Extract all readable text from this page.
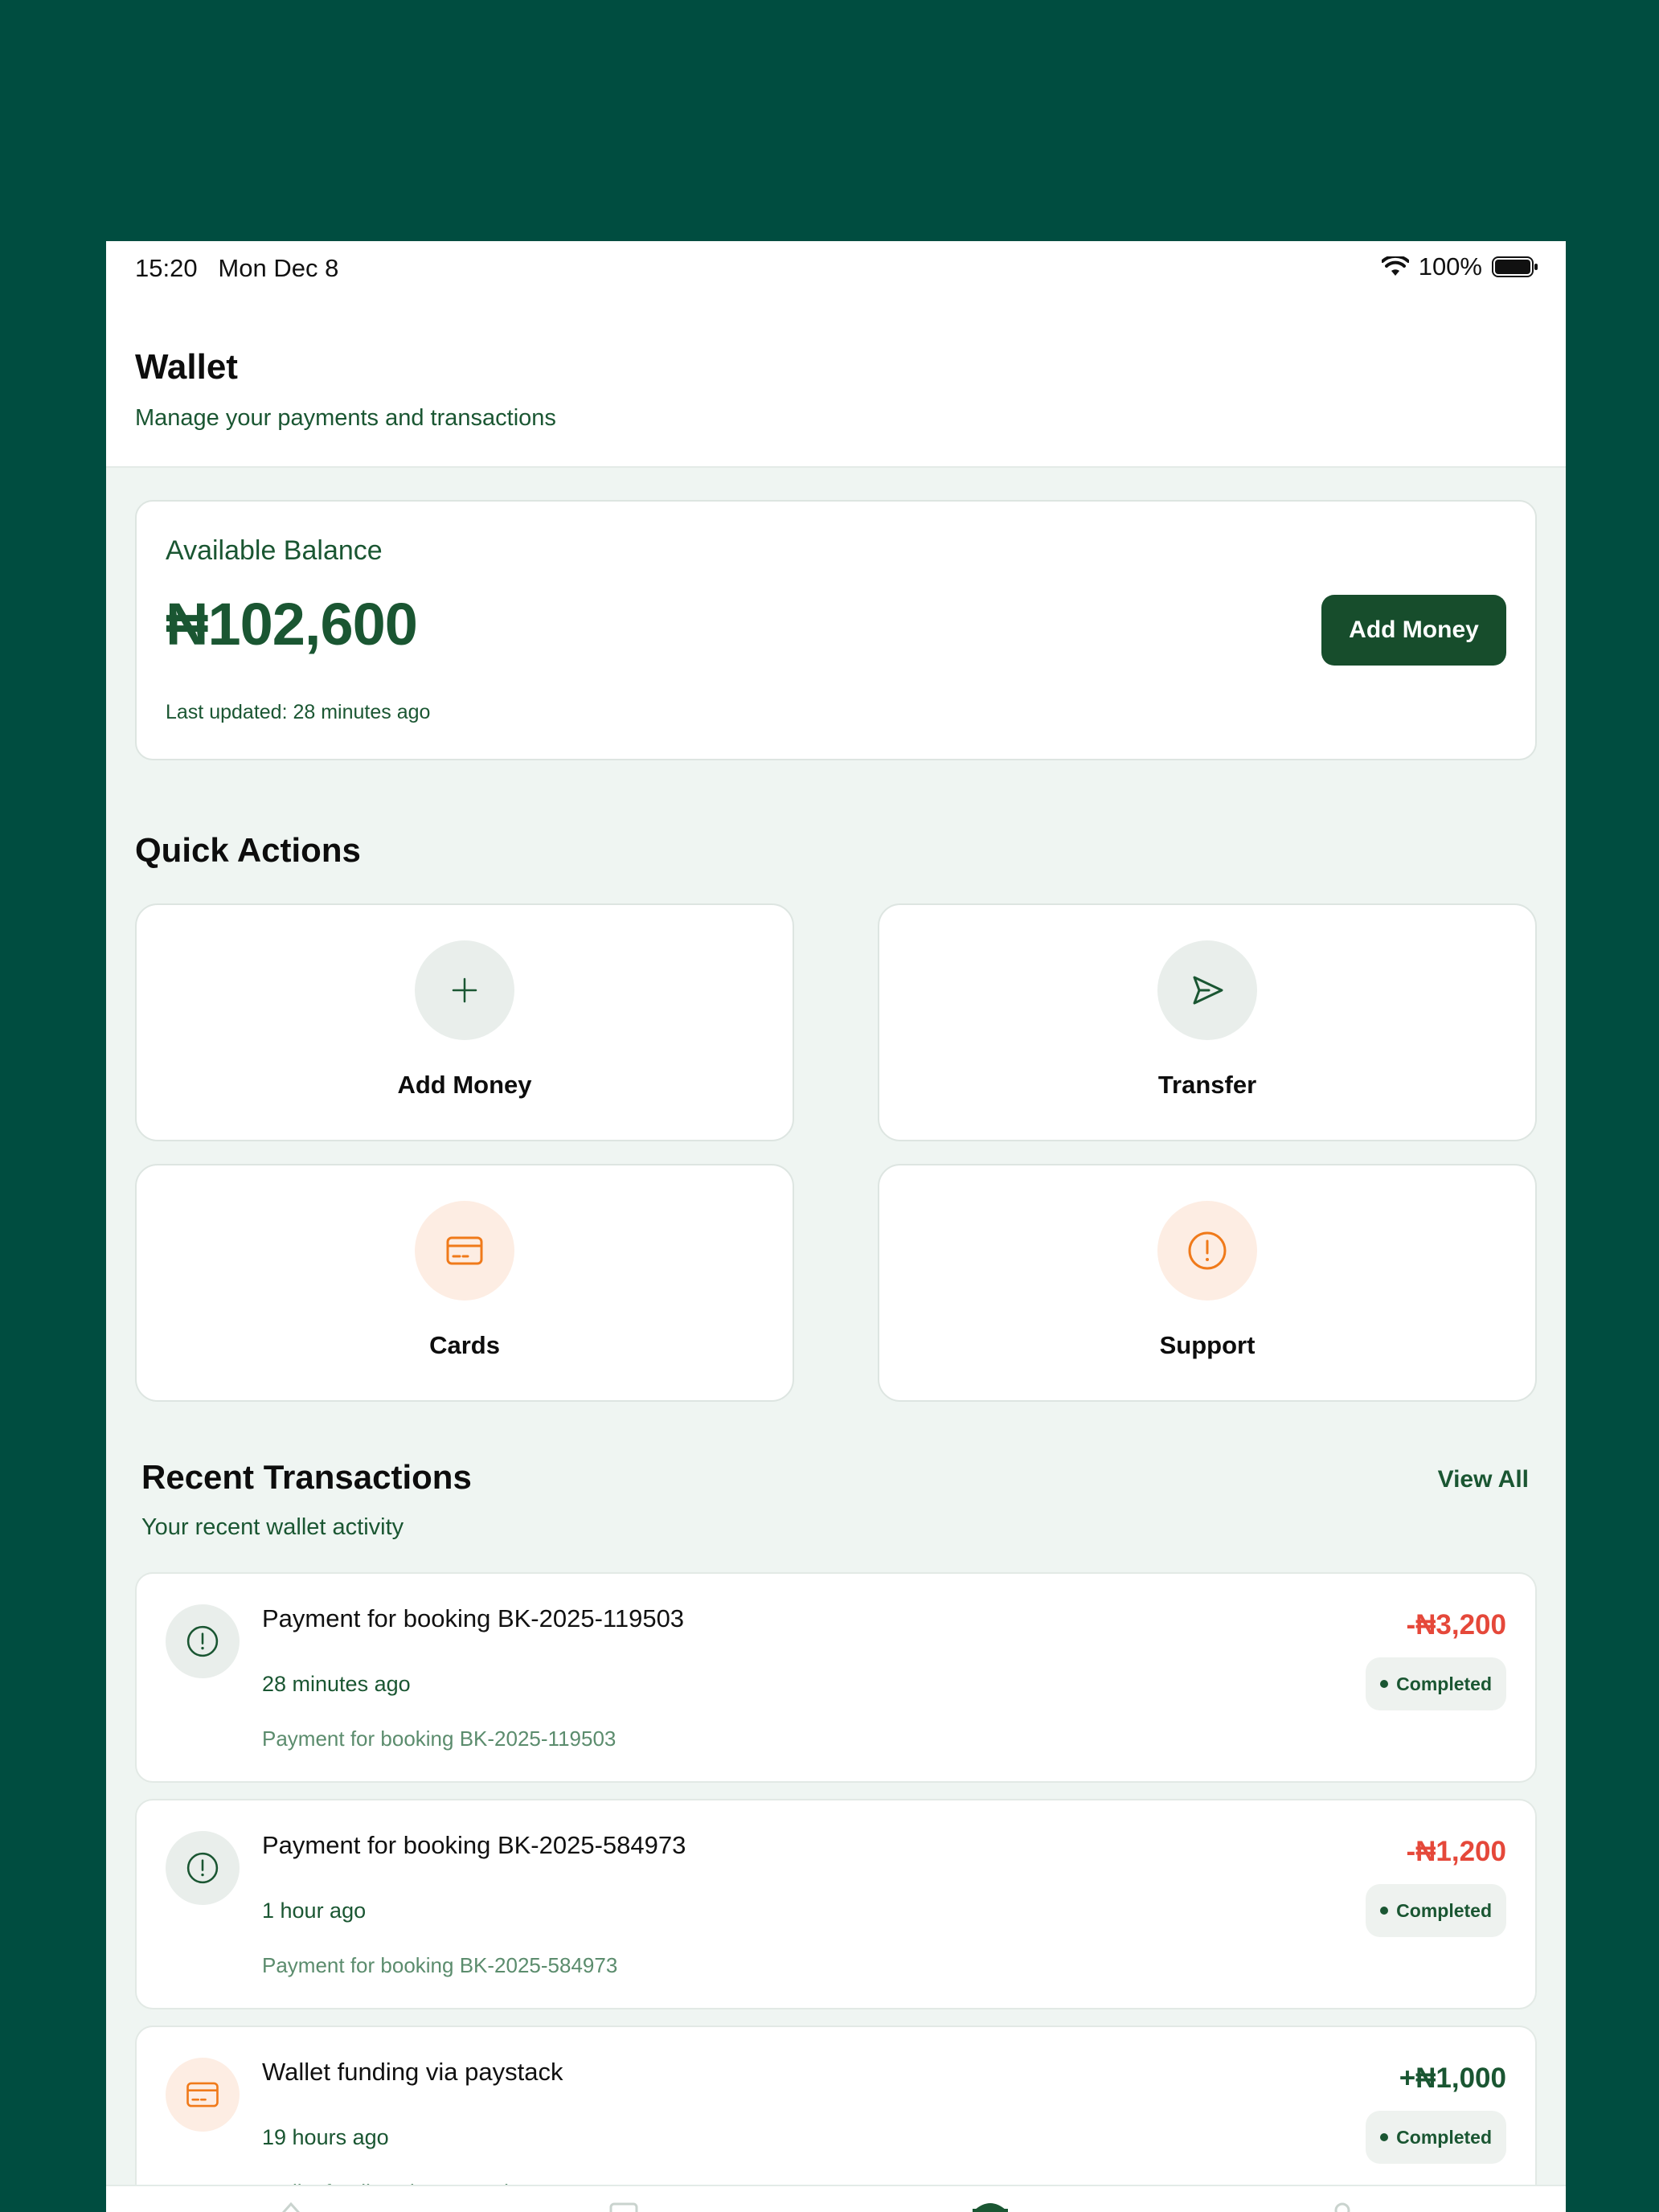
15:20 Mon Dec 8	100%
Wallet
Manage your payments and transactions
Available Balance
₦102,600
Last updated: 28 minutes ago
Add Money
Quick Actions
Add Money	Transfer
Cards	Support
Recent Transactions
Your recent wallet activity
View All
Payment for booking BK-2025-119503
28 minutes ago
Payment for booking BK-2025-119503
-₦3,200
Completed
Payment for booking BK-2025-584973
1 hour ago
Payment for booking BK-2025-584973
-₦1,200
Completed
Wallet funding via paystack
19 hours ago
+₦1,000
Completed
